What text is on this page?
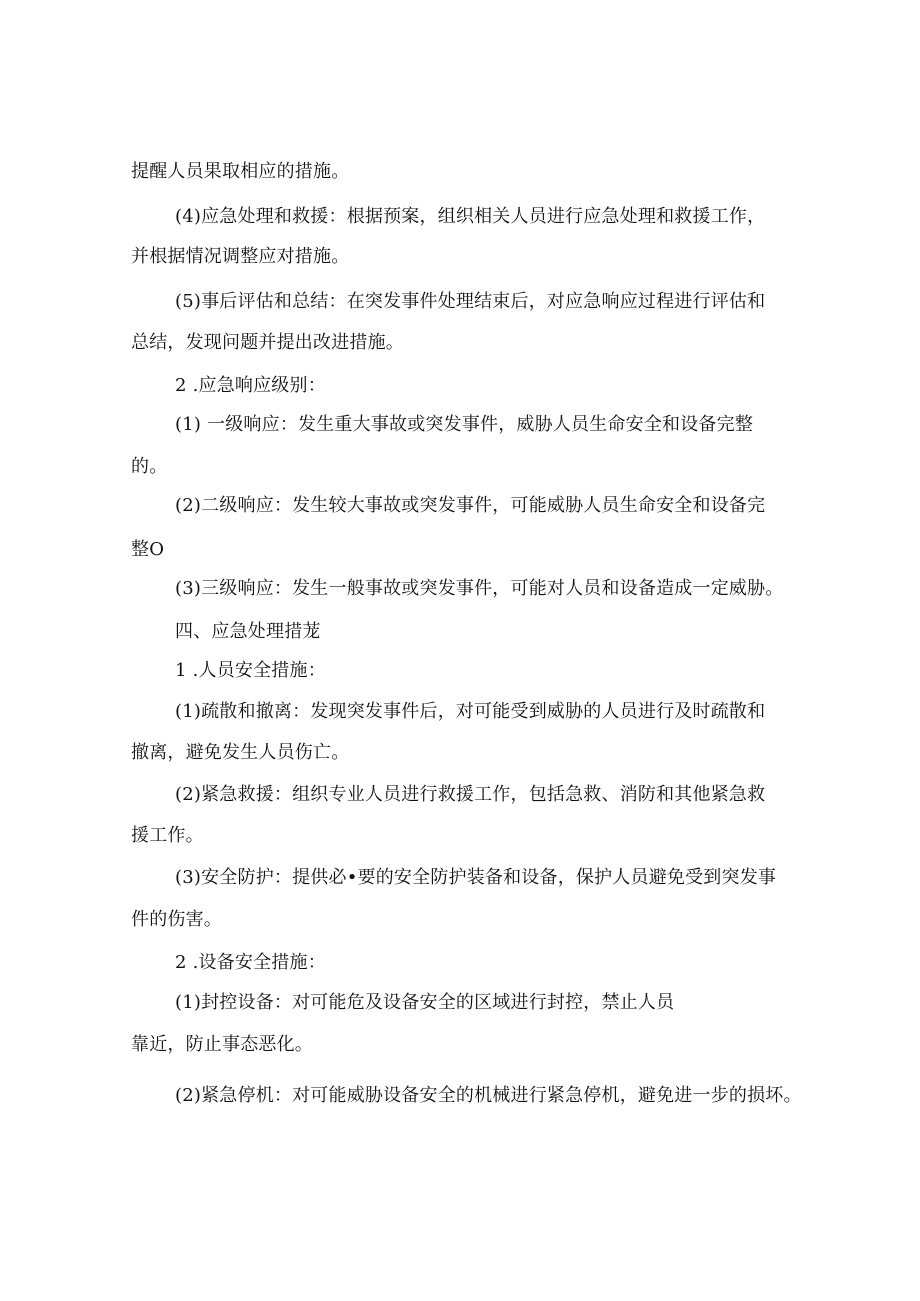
提醒人员果取相应的措施。
(4)应急处理和救援：根据预案，组织相关人员进行应急处理和救援工作，
并根据情况调整应对措施。
(5)事后评估和总结：在突发事件处理结束后，对应急响应过程进行评估和
总结，发现问题并提出改进措施。
2 .应急响应级别：
(1) 一级响应：发生重大事故或突发事件，威胁人员生命安全和设备完整
的。
(2)二级响应：发生较大事故或突发事件，可能威胁人员生命安全和设备完
整O
(3)三级响应：发生一般事故或突发事件，可能对人员和设备造成一定威胁。
四、应急处理措茏
1 .人员安全措施：
(1)疏散和撤离：发现突发事件后，对可能受到威胁的人员进行及时疏散和
撤离，避免发生人员伤亡。
(2)紧急救援：组织专业人员进行救援工作，包括急救、消防和其他紧急救
援工作。
(3)安全防护：提供必•要的安全防护装备和设备，保护人员避免受到突发事
件的伤害。
2 .设备安全措施：
(1)封控设备：对可能危及设备安全的区域进行封控，禁止人员
靠近，防止事态恶化。
(2)紧急停机：对可能威胁设备安全的机械进行紧急停机，避免进一步的损坏。
